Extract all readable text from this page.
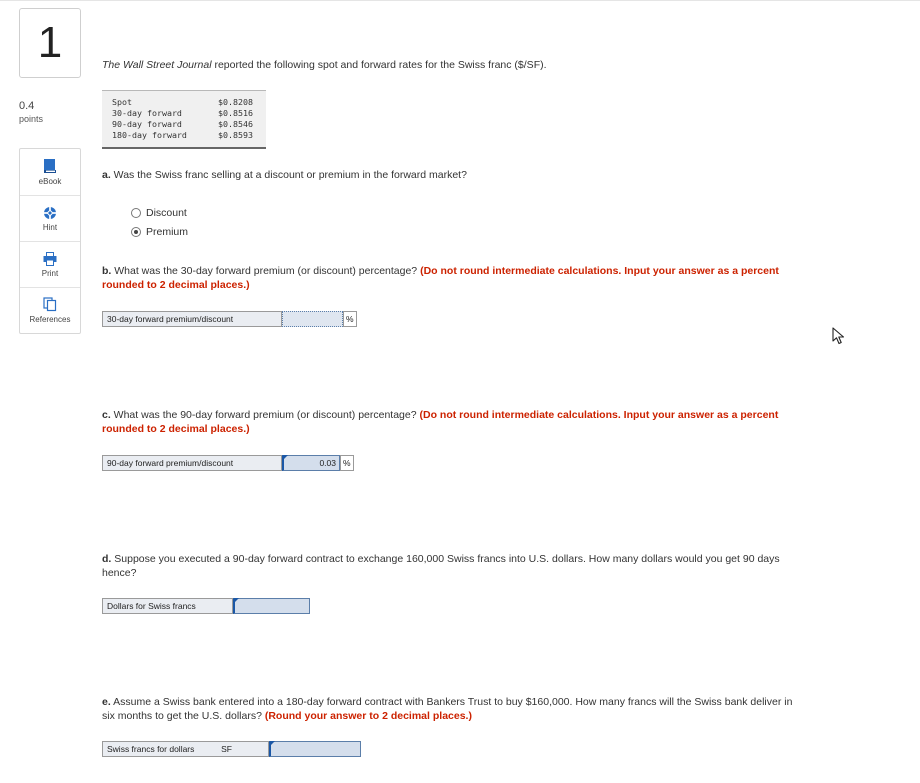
1
0.4
points
eBook
Hint
Print
References
The Wall Street Journal reported the following spot and forward rates for the Swiss franc ($/SF).
Spot	$0.8208
30-day forward	$0.8516
90-day forward	$0.8546
180-day forward	$0.8593
a. Was the Swiss franc selling at a discount or premium in the forward market?
Discount
Premium
b. What was the 30-day forward premium (or discount) percentage? (Do not round intermediate calculations. Input your answer as a percent rounded to 2 decimal places.)
30-day forward premium/discount	%
c. What was the 90-day forward premium (or discount) percentage? (Do not round intermediate calculations. Input your answer as a percent rounded to 2 decimal places.)
90-day forward premium/discount	0.03 %
d. Suppose you executed a 90-day forward contract to exchange 160,000 Swiss francs into U.S. dollars. How many dollars would you get 90 days hence?
Dollars for Swiss francs
e. Assume a Swiss bank entered into a 180-day forward contract with Bankers Trust to buy $160,000. How many francs will the Swiss bank deliver in six months to get the U.S. dollars? (Round your answer to 2 decimal places.)
Swiss francs for dollars	SF
